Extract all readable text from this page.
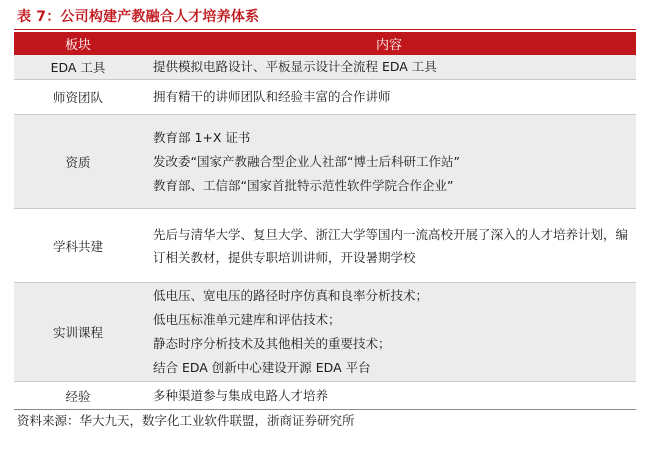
表 7：公司构建产教融合人才培养体系
板块	内容
EDA 工具	提供模拟电路设计、平板显示设计全流程 EDA 工具

师资团队	拥有精干的讲师团队和经验丰富的合作讲师

资质	教育部 1+X 证书
发改委“国家产教融合型企业人社部“博士后科研工作站”
教育部、工信部“国家首批特示范性软件学院合作企业”

学科共建	先后与清华大学、复旦大学、浙江大学等国内一流高校开展了深入的人才培养计划，编订相关教材，提供专职培训讲师，开设暑期学校

实训课程	低电压、宽电压的路径时序仿真和良率分析技术；
低电压标准单元建库和评估技术；
静态时序分析技术及其他相关的重要技术；
结合 EDA 创新中心建设开源 EDA 平台

经验	多种渠道参与集成电路人才培养
资料来源：华大九天，数字化工业软件联盟，浙商证券研究所
